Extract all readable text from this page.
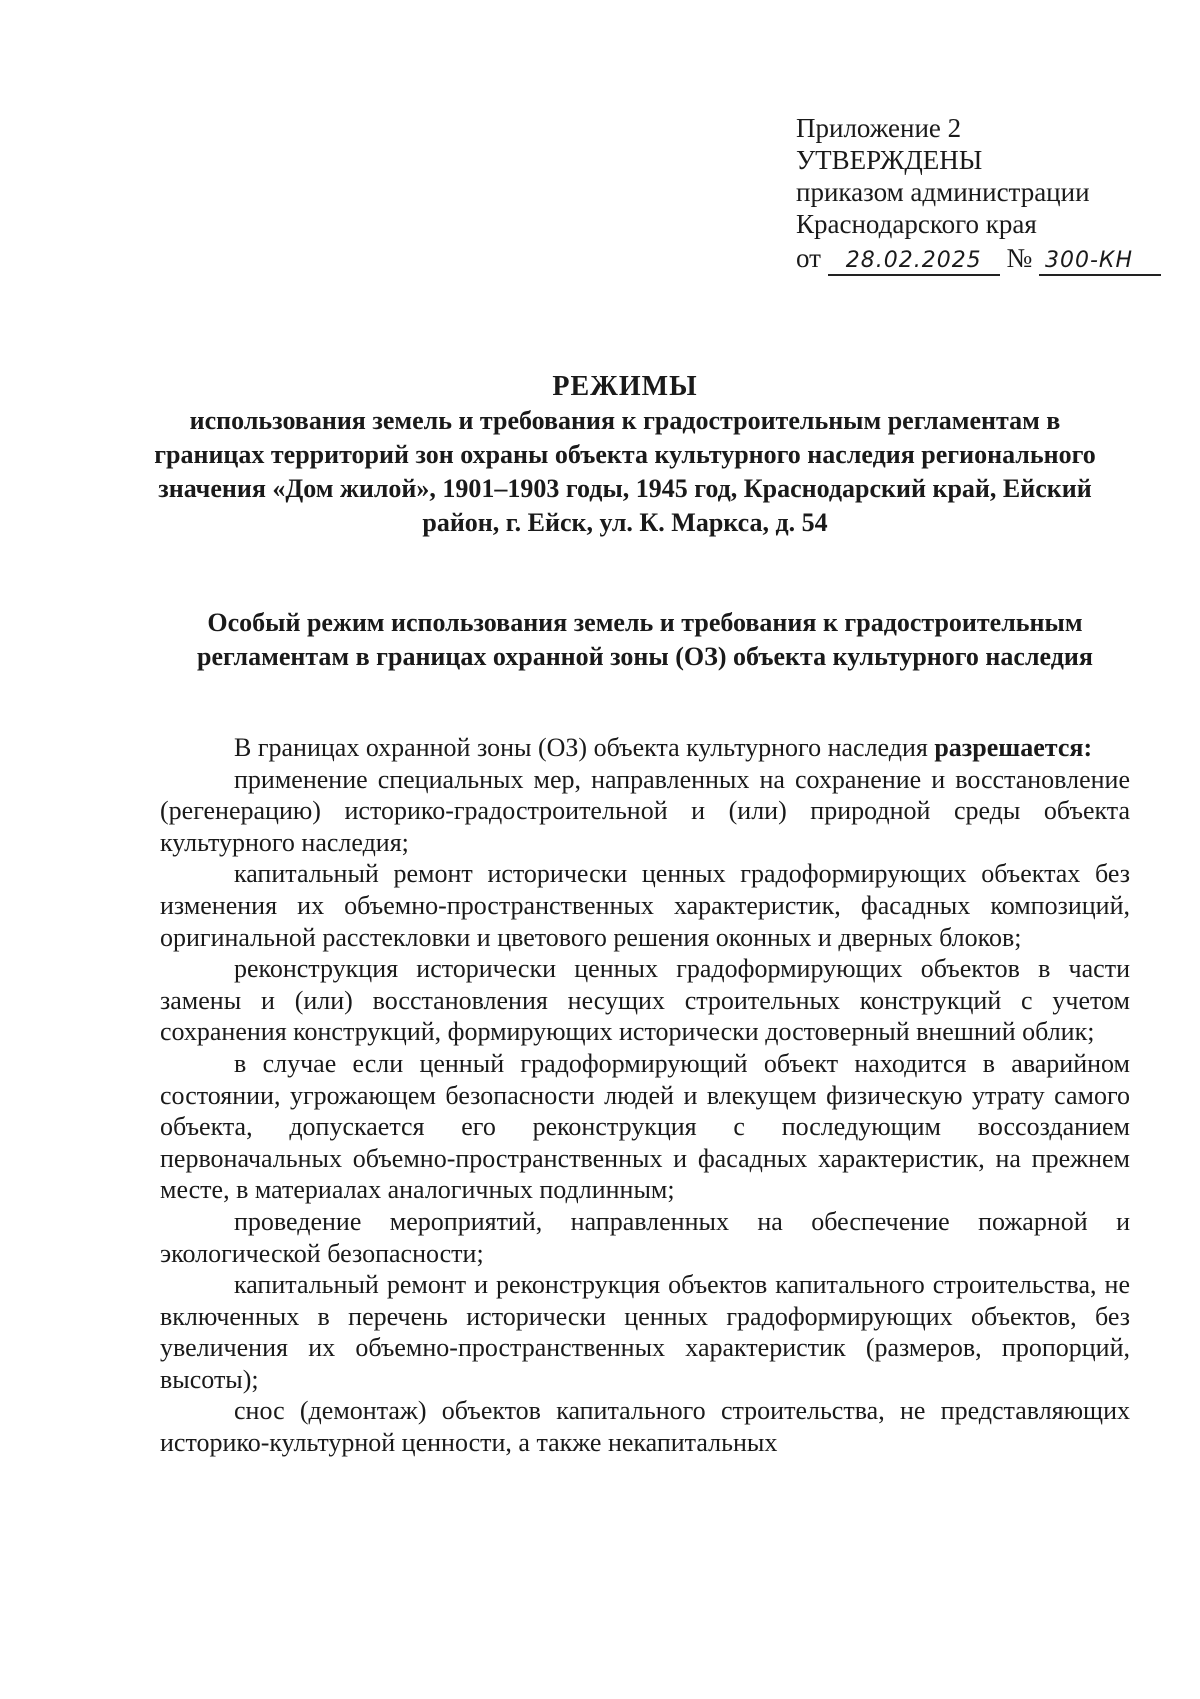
Приложение 2

УТВЕРЖДЕНЫ

приказом администрации

Краснодарского края

от 28.02.2025 № 300-КН

РЕЖИМЫ

использования земель и требования к градостроительным регламентам в границах территорий зон охраны объекта культурного наследия регионального значения «Дом жилой», 1901–1903 годы, 1945 год, Краснодарский край, Ейский район, г. Ейск, ул. К. Маркса, д. 54

Особый режим использования земель и требования к градостроительным регламентам в границах охранной зоны (ОЗ) объекта культурного наследия

В границах охранной зоны (ОЗ) объекта культурного наследия разрешается:

применение специальных мер, направленных на сохранение и восстановление (регенерацию) историко-градостроительной и (или) природной среды объекта культурного наследия;

капитальный ремонт исторически ценных градоформирующих объектах без изменения их объемно-пространственных характеристик, фасадных композиций, оригинальной расстекловки и цветового решения оконных и дверных блоков;

реконструкция исторически ценных градоформирующих объектов в части замены и (или) восстановления несущих строительных конструкций с учетом сохранения конструкций, формирующих исторически достоверный внешний облик;

в случае если ценный градоформирующий объект находится в аварийном состоянии, угрожающем безопасности людей и влекущем физическую утрату самого объекта, допускается его реконструкция с последующим воссозданием первоначальных объемно-пространственных и фасадных характеристик, на прежнем месте, в материалах аналогичных подлинным;

проведение мероприятий, направленных на обеспечение пожарной и экологической безопасности;

капитальный ремонт и реконструкция объектов капитального строительства, не включенных в перечень исторически ценных градоформирующих объектов, без увеличения их объемно-пространственных характеристик (размеров, пропорций, высоты);

снос (демонтаж) объектов капитального строительства, не представляющих историко-культурной ценности, а также некапитальных
